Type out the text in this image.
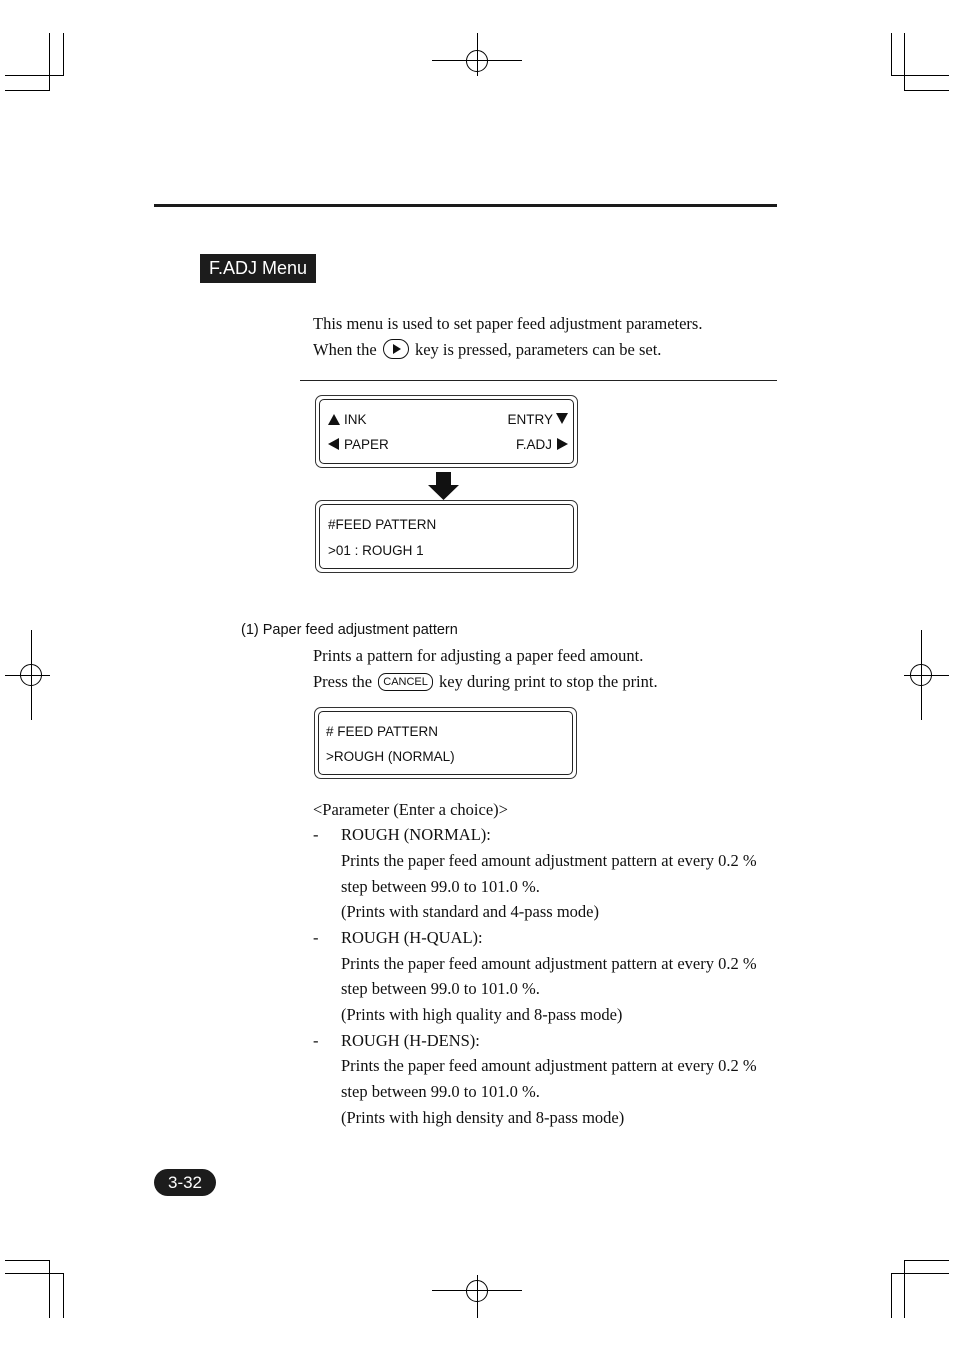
F.ADJ Menu
This menu is used to set paper feed adjustment parameters.
When the key is pressed, parameters can be set.
INK	ENTRY
PAPER	F.ADJ
#FEED PATTERN
>01 : ROUGH 1
(1) Paper feed adjustment pattern
Prints a pattern for adjusting a paper feed amount.
Press the CANCEL key during print to stop the print.
# FEED PATTERN
>ROUGH (NORMAL)
<Parameter (Enter a choice)>
- ROUGH (NORMAL):
Prints the paper feed amount adjustment pattern at every 0.2 %
step between 99.0 to 101.0 %.
(Prints with standard and 4-pass mode)
- ROUGH (H-QUAL):
Prints the paper feed amount adjustment pattern at every 0.2 %
step between 99.0 to 101.0 %.
(Prints with high quality and 8-pass mode)
- ROUGH (H-DENS):
Prints the paper feed amount adjustment pattern at every 0.2 %
step between 99.0 to 101.0 %.
(Prints with high density and 8-pass mode)
3-32
